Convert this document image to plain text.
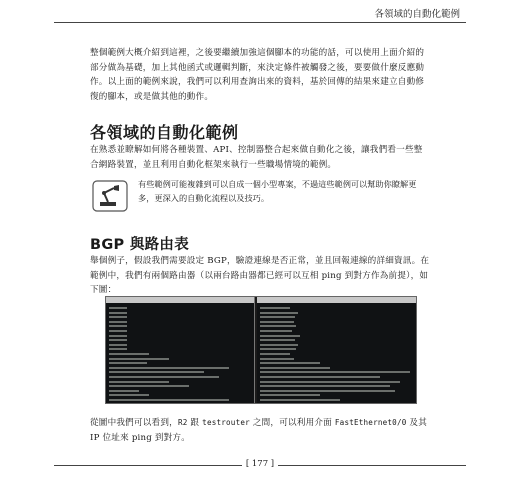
各領域的自動化範例

整個範例大概介紹到這裡，之後要繼續加強這個腳本的功能的話，可以使用上面介紹的部分做為基礎，加上其他函式或邏輯判斷，來決定條件被觸發之後，要要做什麼反應動作。以上面的範例來說，我們可以利用查詢出來的資料，基於回傳的結果來建立自動修復的腳本，或是做其他的動作。

各領域的自動化範例

在熟悉並瞭解如何將各種裝置、API、控制器整合起來做自動化之後，讓我們看一些整合網路裝置，並且利用自動化框架來執行一些職場情境的範例。

有些範例可能複雜到可以自成一個小型專案，不過這些範例可以幫助你瞭解更多，更深入的自動化流程以及技巧。
BGP 與路由表

舉個例子，假設我們需要設定 BGP，驗證連線是否正常，並且回報連線的詳細資訊。在範例中，我們有兩個路由器（以兩台路由器都已經可以互相 ping 到對方作為前提），如下圖：

從圖中我們可以看到，R2 跟 testrouter 之間，可以利用介面 FastEthernet0/0 及其 IP 位址來 ping 到對方。

[ 177 ]
